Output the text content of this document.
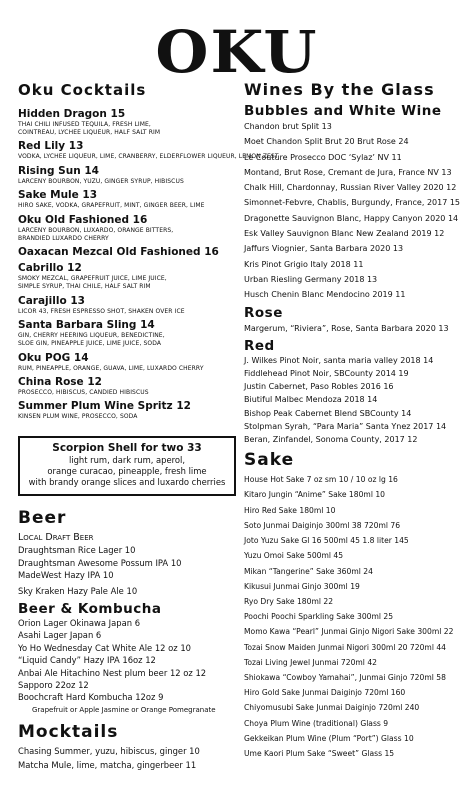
OKU
Oku Cocktails
Hidden Dragon 15
THAI CHILI INFUSED TEQUILA, FRESH LIME,
COINTREAU, LYCHEE LIQUEUR, HALF SALT RIM
Red Lily 13
VODKA, LYCHEE LIQUEUR, LIME, CRANBERRY, ELDERFLOWER LIQUEUR, LEMON ZEST
Rising Sun 14
LARCENY BOURBON, YUZU, GINGER SYRUP, HIBISCUS
Sake Mule 13
HIRO SAKE, VODKA, GRAPEFRUIT, MINT, GINGER BEER, LIME
Oku Old Fashioned 16
LARCENY BOURBON, LUXARDO, ORANGE BITTERS,
BRANDIED LUXARDO CHERRY
Oaxacan Mezcal Old Fashioned 16
Cabrillo 12
SMOKY MEZCAL, GRAPEFRUIT JUICE, LIME JUICE,
SIMPLE SYRUP, THAI CHILE, HALF SALT RIM
Carajillo 13
LICOR 43, FRESH ESPRESSO SHOT, SHAKEN OVER ICE
Santa Barbara Sling 14
GIN, CHERRY HEERING LIQUEUR, BENEDICTINE,
SLOE GIN, PINEAPPLE JUICE, LIME JUICE, SODA
Oku POG 14
RUM, PINEAPPLE, ORANGE, GUAVA, LIME, LUXARDO CHERRY
China Rose 12
PROSECCO, HIBISCUS, CANDIED HIBISCUS
Summer Plum Wine Spritz 12
KINSEN PLUM WINE, PROSECCO, SODA
Scorpion Shell for two 33
light rum, dark rum, aperol,
orange curacao, pineapple, fresh lime
with brandy orange slices and luxardo cherries
Beer
Local Draft Beer
Draughtsman Rice Lager 10
Draughtsman Awesome Possum IPA 10
MadeWest Hazy IPA 10
Sky Kraken Hazy Pale Ale 10
Beer & Kombucha
Orion Lager Okinawa Japan 6
Asahi Lager Japan 6
Yo Ho Wednesday Cat White Ale 12 oz 10
“Liquid Candy” Hazy IPA 16oz 12
Anbai Ale Hitachino Nest plum beer 12 oz 12
Sapporo 22oz 12
Boochcraft Hard Kombucha 12oz 9
Grapefruit or Apple Jasmine or Orange Pomegranate
Mocktails
Chasing Summer, yuzu, hibiscus, ginger 10
Matcha Mule, lime, matcha, gingerbeer 11
Wines By the Glass
Bubbles and White Wine
Chandon brut Split 13
Moet Chandon Split Brut 20 Brut Rose 24
Le Couture Prosecco DOC ‘Sylaz’ NV 11
Montand, Brut Rose, Cremant de Jura, France NV 13
Chalk Hill, Chardonnay, Russian River Valley 2020 12
Simonnet-Febvre, Chablis, Burgundy, France, 2017 15
Dragonette Sauvignon Blanc, Happy Canyon 2020 14
Esk Valley Sauvignon Blanc New Zealand 2019 12
Jaffurs Viognier, Santa Barbara 2020 13
Kris Pinot Grigio Italy 2018 11
Urban Riesling Germany 2018 13
Husch Chenin Blanc Mendocino 2019 11
Rose
Margerum, “Riviera”, Rose, Santa Barbara 2020 13
Red
J. Wilkes Pinot Noir, santa maria valley 2018 14
Fiddlehead Pinot Noir, SBCounty 2014 19
Justin Cabernet, Paso Robles 2016 16
Biutiful Malbec Mendoza 2018 14
Bishop Peak Cabernet Blend SBCounty 14
Stolpman Syrah, “Para Maria” Santa Ynez 2017 14
Beran, Zinfandel, Sonoma County, 2017 12
Sake
House Hot Sake 7 oz sm 10 / 10 oz lg 16
Kitaro Jungin “Anime” Sake 180ml 10
Hiro Red Sake 180ml 10
Soto Junmai Daiginjo 300ml 38 720ml 76
Joto Yuzu Sake Gl 16 500ml 45 1.8 liter 145
Yuzu Omoi Sake 500ml 45
Mikan “Tangerine” Sake 360ml 24
Kikusui Junmai Ginjo 300ml 19
Ryo Dry Sake 180ml 22
Poochi Poochi Sparkling Sake 300ml 25
Momo Kawa “Pearl” Junmai Ginjo Nigori Sake 300ml 22
Tozai Snow Maiden Junmai Nigori 300ml 20 720ml 44
Tozai Living Jewel Junmai 720ml 42
Shiokawa “Cowboy Yamahai”, Junmai Ginjo 720ml 58
Hiro Gold Sake Junmai Daiginjo 720ml 160
Chiyomusubi Sake Junmai Daiginjo 720ml 240
Choya Plum Wine (traditional) Glass 9
Gekkeikan Plum Wine (Plum “Port”) Glass 10
Ume Kaori Plum Sake “Sweet” Glass 15
